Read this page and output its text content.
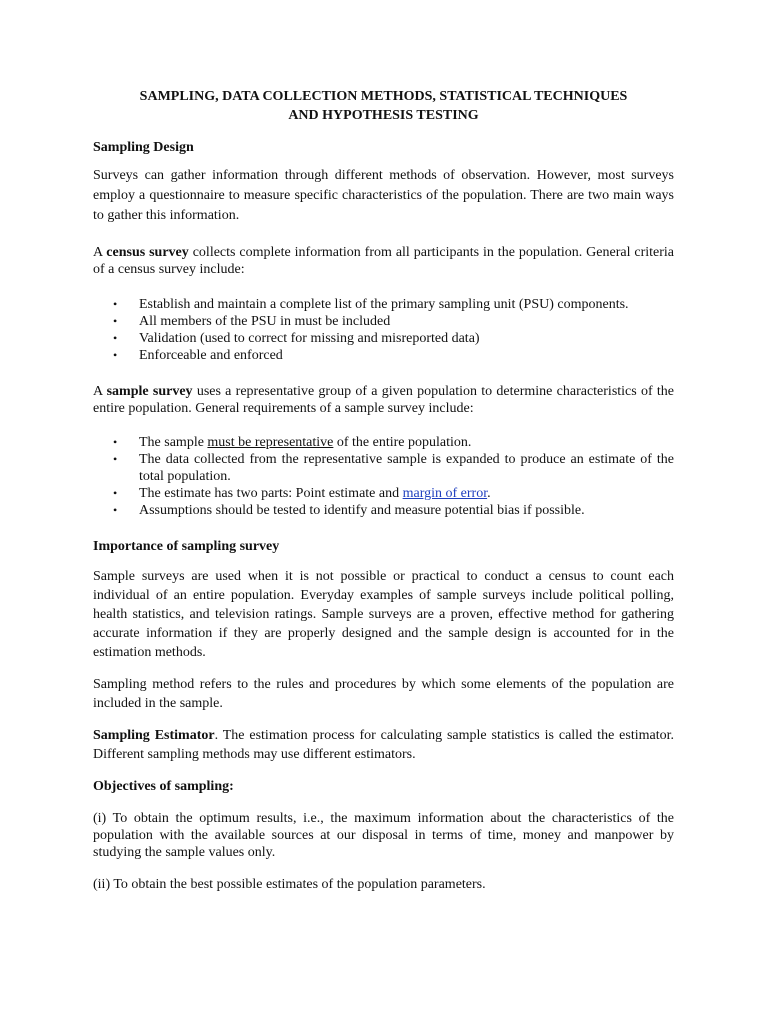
SAMPLING, DATA COLLECTION METHODS, STATISTICAL TECHNIQUES
AND HYPOTHESIS TESTING
Sampling Design

Surveys can gather information through different methods of observation. However, most surveys employ a questionnaire to measure specific characteristics of the population. There are two main ways to gather this information.

A census survey collects complete information from all participants in the population. General criteria of a census survey include:

• Establish and maintain a complete list of the primary sampling unit (PSU) components.
• All members of the PSU in must be included
• Validation (used to correct for missing and misreported data)
• Enforceable and enforced

A sample survey uses a representative group of a given population to determine characteristics of the entire population. General requirements of a sample survey include:

• The sample must be representative of the entire population.
• The data collected from the representative sample is expanded to produce an estimate of the total population.
• The estimate has two parts: Point estimate and margin of error.
• Assumptions should be tested to identify and measure potential bias if possible.
Importance of sampling survey

Sample surveys are used when it is not possible or practical to conduct a census to count each individual of an entire population. Everyday examples of sample surveys include political polling, health statistics, and television ratings. Sample surveys are a proven, effective method for gathering accurate information if they are properly designed and the sample design is accounted for in the estimation methods.

Sampling method refers to the rules and procedures by which some elements of the population are included in the sample.

Sampling Estimator. The estimation process for calculating sample statistics is called the estimator. Different sampling methods may use different estimators.

Objectives of sampling:

(i) To obtain the optimum results, i.e., the maximum information about the characteristics of the population with the available sources at our disposal in terms of time, money and manpower by studying the sample values only.

(ii) To obtain the best possible estimates of the population parameters.
